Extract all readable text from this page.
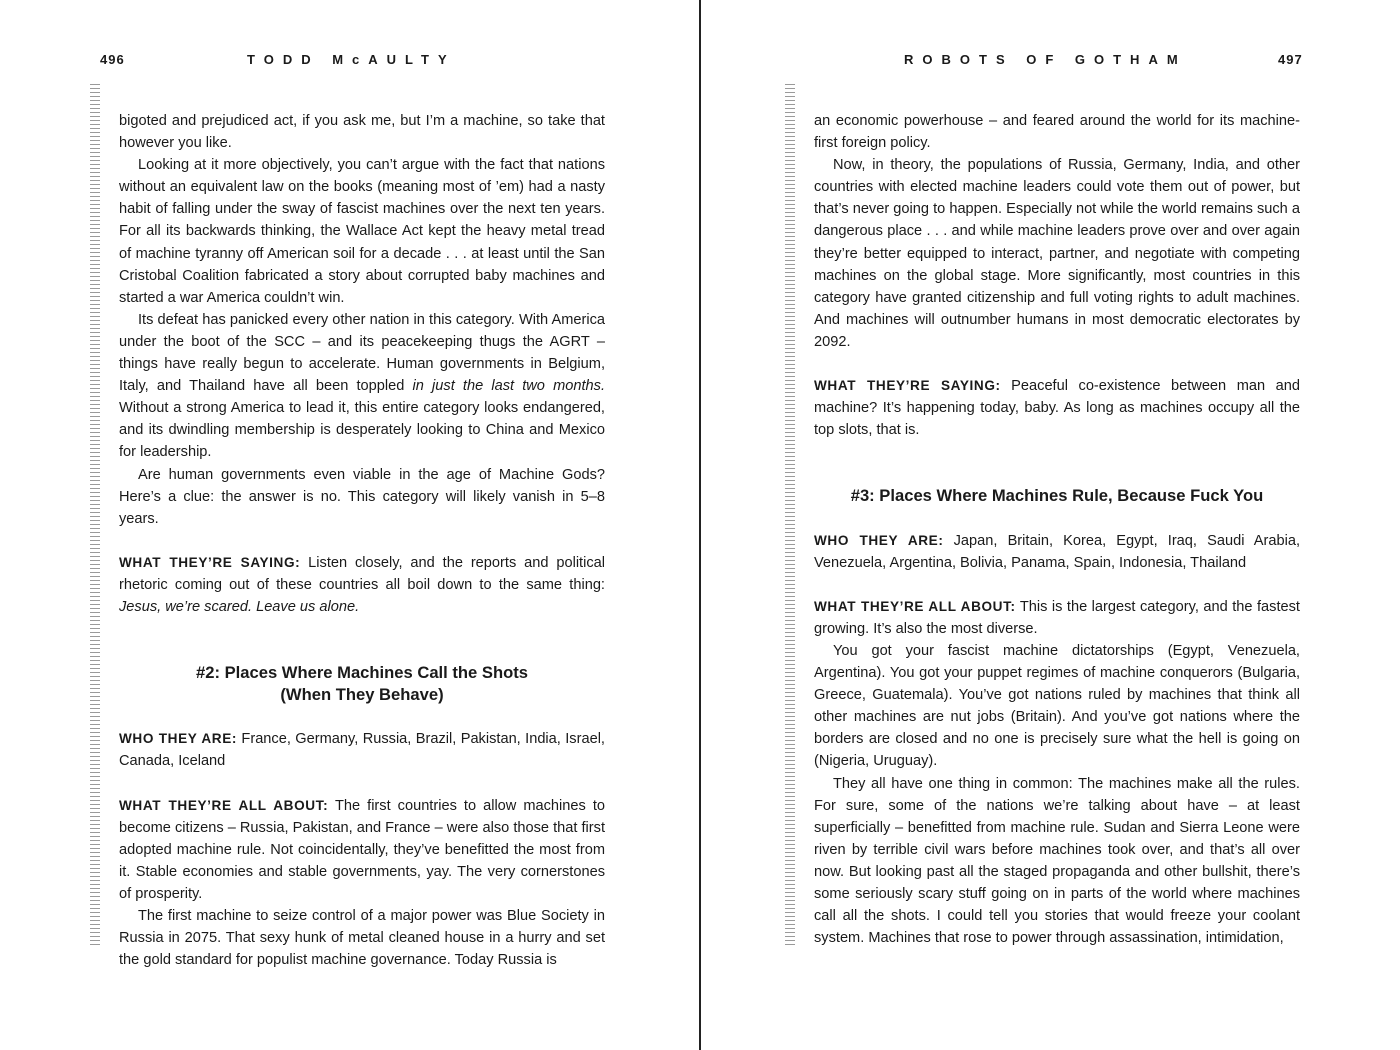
496	TODD McAULTY

bigoted and prejudiced act, if you ask me, but I’m a machine, so take that however you like.

Looking at it more objectively, you can’t argue with the fact that nations without an equivalent law on the books (meaning most of ’em) had a nasty habit of falling under the sway of fascist machines over the next ten years. For all its backwards thinking, the Wallace Act kept the heavy metal tread of machine tyranny off American soil for a decade . . . at least until the San Cristobal Coalition fabricated a story about corrupted baby machines and started a war America couldn’t win.

Its defeat has panicked every other nation in this category. With America under the boot of the SCC – and its peacekeeping thugs the AGRT – things have really begun to accelerate. Human governments in Belgium, Italy, and Thailand have all been toppled in just the last two months. Without a strong America to lead it, this entire category looks endangered, and its dwindling membership is desperately looking to China and Mexico for leadership.

Are human governments even viable in the age of Machine Gods? Here’s a clue: the answer is no. This category will likely vanish in 5–8 years.

WHAT THEY’RE SAYING: Listen closely, and the reports and political rhetoric coming out of these countries all boil down to the same thing: Jesus, we’re scared. Leave us alone.

#2: Places Where Machines Call the Shots
(When They Behave)

WHO THEY ARE: France, Germany, Russia, Brazil, Pakistan, India, Israel, Canada, Iceland

WHAT THEY’RE ALL ABOUT: The first countries to allow machines to become citizens – Russia, Pakistan, and France – were also those that first adopted machine rule. Not coincidentally, they’ve benefitted the most from it. Stable economies and stable governments, yay. The very cornerstones of prosperity.

The first machine to seize control of a major power was Blue Society in Russia in 2075. That sexy hunk of metal cleaned house in a hurry and set the gold standard for populist machine governance. Today Russia is

ROBOTS OF GOTHAM	497

an economic powerhouse – and feared around the world for its machine-first foreign policy.

Now, in theory, the populations of Russia, Germany, India, and other countries with elected machine leaders could vote them out of power, but that’s never going to happen. Especially not while the world remains such a dangerous place . . . and while machine leaders prove over and over again they’re better equipped to interact, partner, and negotiate with competing machines on the global stage. More significantly, most countries in this category have granted citizenship and full voting rights to adult machines. And machines will outnumber humans in most democratic electorates by 2092.

WHAT THEY’RE SAYING: Peaceful co-existence between man and machine? It’s happening today, baby. As long as machines occupy all the top slots, that is.

#3: Places Where Machines Rule, Because Fuck You

WHO THEY ARE: Japan, Britain, Korea, Egypt, Iraq, Saudi Arabia, Venezuela, Argentina, Bolivia, Panama, Spain, Indonesia, Thailand

WHAT THEY’RE ALL ABOUT: This is the largest category, and the fastest growing. It’s also the most diverse.

You got your fascist machine dictatorships (Egypt, Venezuela, Argentina). You got your puppet regimes of machine conquerors (Bulgaria, Greece, Guatemala). You’ve got nations ruled by machines that think all other machines are nut jobs (Britain). And you’ve got nations where the borders are closed and no one is precisely sure what the hell is going on (Nigeria, Uruguay).

They all have one thing in common: The machines make all the rules. For sure, some of the nations we’re talking about have – at least superficially – benefitted from machine rule. Sudan and Sierra Leone were riven by terrible civil wars before machines took over, and that’s all over now. But looking past all the staged propaganda and other bullshit, there’s some seriously scary stuff going on in parts of the world where machines call all the shots. I could tell you stories that would freeze your coolant system. Machines that rose to power through assassination, intimidation,
